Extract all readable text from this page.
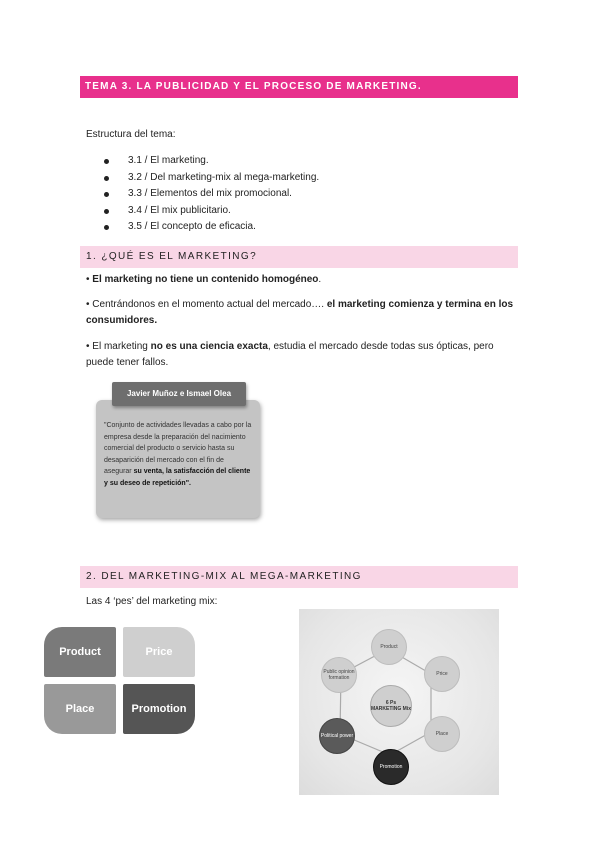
TEMA 3. LA PUBLICIDAD Y EL PROCESO DE MARKETING.
Estructura del tema:
3.1 / El marketing.
3.2 / Del marketing-mix al mega-marketing.
3.3 / Elementos del mix promocional.
3.4 / El mix publicitario.
3.5 / El concepto de eficacia.
1. ¿QUÉ ES EL MARKETING?
• El marketing no tiene un contenido homogéneo.
• Centrándonos en el momento actual del mercado…. el marketing comienza y termina en los consumidores.
• El marketing no es una ciencia exacta, estudia el mercado desde todas sus ópticas, pero puede tener fallos.
"Conjunto de actividades llevadas a cabo por la empresa desde la preparación del nacimiento comercial del producto o servicio hasta su desaparición del mercado con el fin de asegurar su venta, la satisfacción del cliente y su deseo de repetición".
Javier Muñoz e Ismael Olea
2. DEL MARKETING-MIX AL MEGA-MARKETING
Las 4 ‘pes’ del marketing mix:
Product	Price
Place	Promotion
Product
Price
Place
Promotion
Political power
Public opinion formation
6 Ps MARKETING Mix
